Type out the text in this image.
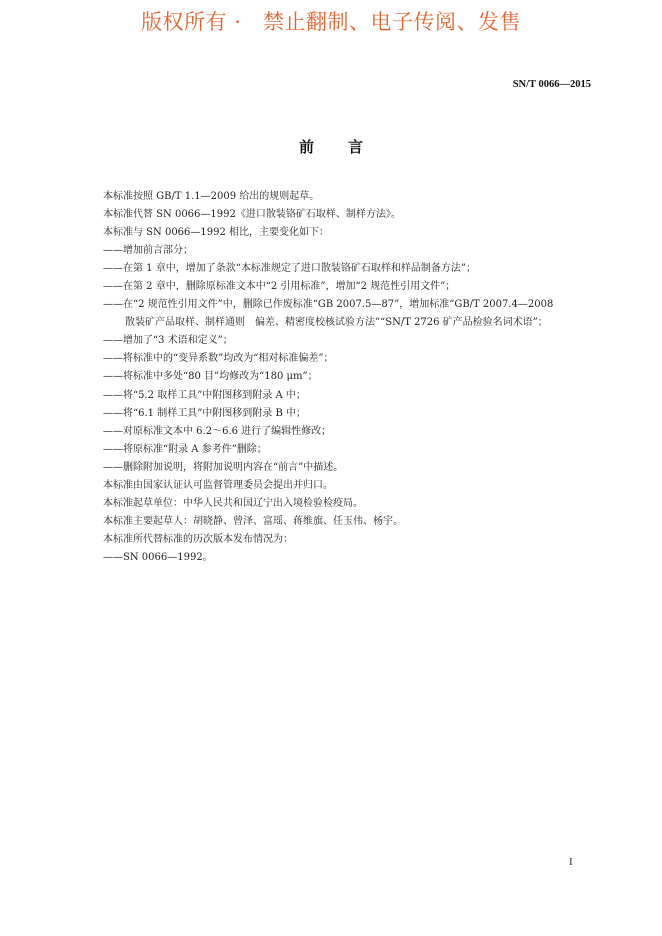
版权所有 ·   禁止翻制、电子传阅、发售
SN/T 0066—2015
前言
本标准按照 GB/T 1.1—2009 给出的规则起草。
本标准代替 SN 0066—1992《进口散装铬矿石取样、制样方法》。
本标准与 SN 0066—1992 相比，主要变化如下：
——增加前言部分；
——在第 1 章中，增加了条款“本标准规定了进口散装铬矿石取样和样品制备方法”；
——在第 2 章中，删除原标准文本中“2 引用标准”，增加“2 规范性引用文件”；
——在“2 规范性引用文件”中，删除已作废标准“GB 2007.5—87”，增加标准“GB/T 2007.4—2008
散装矿产品取样、制样通则　偏差、精密度校核试验方法”“SN/T 2726 矿产品检验名词术语”；
——增加了“3 术语和定义”；
——将标准中的“变异系数”均改为“相对标准偏差”；
——将标准中多处“80 目”均修改为“180 μm”；
——将“5.2 取样工具”中附图移到附录 A 中；
——将“6.1 制样工具”中附图移到附录 B 中；
——对原标准文本中 6.2～6.6 进行了编辑性修改；
——将原标准“附录 A 参考件”删除；
——删除附加说明，将附加说明内容在“前言”中描述。
本标准由国家认证认可监督管理委员会提出并归口。
本标准起草单位：中华人民共和国辽宁出入境检验检疫局。
本标准主要起草人：胡晓静、曾泽、富瑶、蒋维旗、任玉伟、杨宇。
本标准所代替标准的历次版本发布情况为：
——SN 0066—1992。
I
